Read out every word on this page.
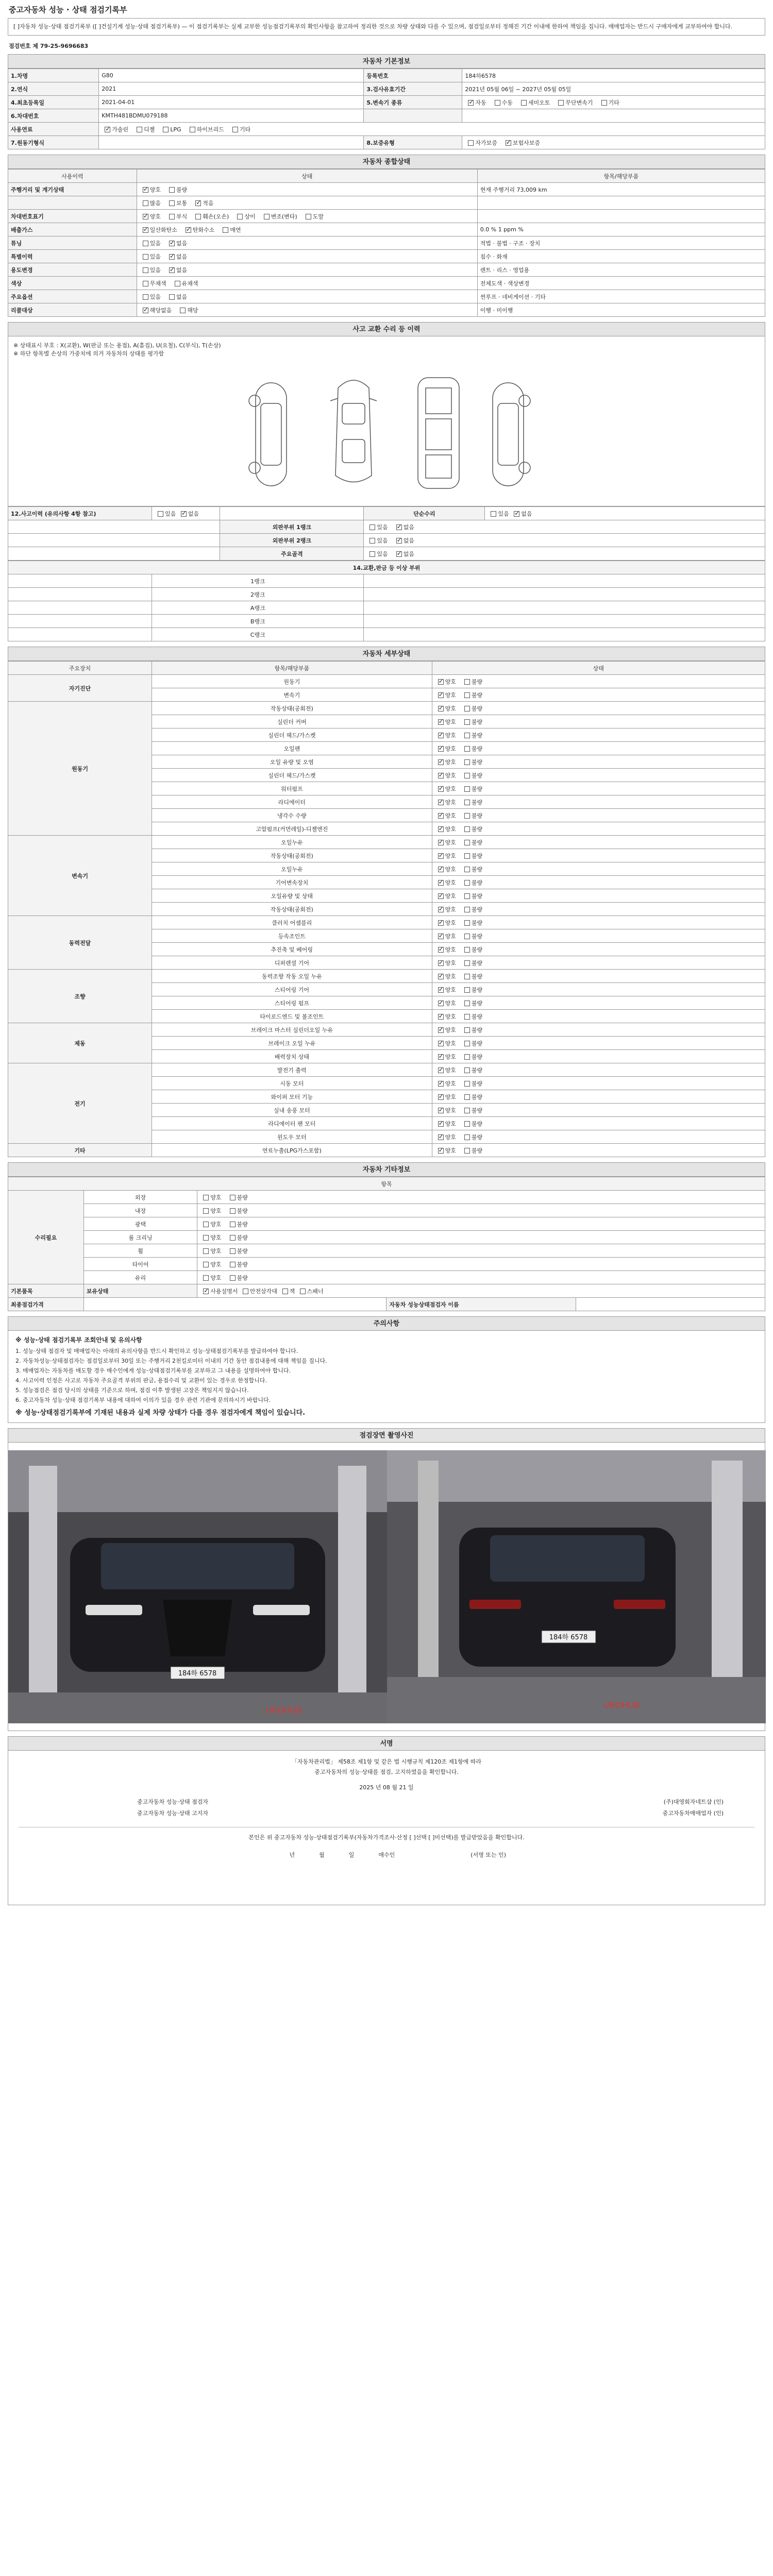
중고자동차 성능 · 상태 점검기록부
[ ]자동차 성능·상태 점검기록부 ([ ]건설기계 성능·상태 점검기록부) — 이 점검기록부는 실제 교부한 성능점검기록부의 확인사항을 참고하여 정리한 것으로 차량 상태와 다를 수 있으며, 점검일로부터 정해진 기간 이내에 한하여 책임을 집니다. 매매업자는 반드시 구매자에게 교부하여야 합니다.
점검번호 제 79-25-9696683
자동차 기본정보
1.차명	G80	등록번호	184하6578
2.연식	2021	3.검사유효기간	2021년 05월 06일 ~ 2027년 05월 05일
4.최초등록일	2021-04-01	5.변속기 종류	✓자동 수동 세미오토 무단변속기 기타
6.차대번호	KMTH481BDMU079188		
사용연료	✓가솔린 디젤 LPG 하이브리드 기타
7.원동기형식		8.보증유형	자가보증 ✓ 보험사보증
자동차 종합상태
사용이력	상태	항목/해당부품
주행거리 및 계기상태	✓양호 불량	현재 주행거리 73,009 km
	많음 보통 ✓ 적음	
차대번호표기	✓양호 부식 훼손(오손) 상이 변조(변타) 도말	
배출가스	✓일산화탄소 ✓ 탄화수소 매연	0.0 % 1 ppm %
튜닝	있음 ✓ 없음	적법 · 불법 · 구조 · 장치
특별이력	있음 ✓ 없음	침수 · 화재
용도변경	있음 ✓ 없음	렌트 · 리스 · 영업용
색상	무채색 유채색	전체도색 · 색상변경
주요옵션	있음 없음	썬루프 · 네비게이션 · 기타
리콜대상	✓해당없음 해당	이행 · 미이행
사고 교환 수리 등 이력
※ 상태표시 부호 : X(교환), W(판금 또는 용접), A(흠집), U(요철), C(부식), T(손상)
※ 하단 항목별 손상의 가중치에 의거 자동차의 상태를 평가함
12.사고이력 (유의사항 4항 참고)	있음 ✓ 없음		단순수리	있음 ✓ 없음
		외판부위 1랭크	있음 ✓ 없음
		외판부위 2랭크	있음 ✓ 없음
		주요골격	있음 ✓ 없음
14.교환,판금 등 이상 부위		
	1랭크	
	2랭크	
	A랭크	
	B랭크	
	C랭크	
자동차 세부상태
주요장치	항목/해당부품	상태
자기진단	원동기	✓양호 불량
	변속기	✓양호 불량
원동기	작동상태(공회전)	✓양호 불량
	실린더 커버	✓양호 불량
	실린더 헤드/가스켓	✓양호 불량
	오일팬	✓양호 불량
	오일 유량 및 오염	✓양호 불량
	실린더 헤드/가스켓	✓양호 불량
	워터펌프	✓양호 불량
	라디에이터	✓양호 불량
	냉각수 수량	✓양호 불량
	고압펌프(커먼레일)-디젤엔진	✓양호 불량
변속기	오일누유	✓양호 불량
	작동상태(공회전)	✓양호 불량
	오일누유	✓양호 불량
	기어변속장치	✓양호 불량
	오일유량 및 상태	✓양호 불량
	작동상태(공회전)	✓양호 불량
동력전달	클러치 어셈블리	✓양호 불량
	등속조인트	✓양호 불량
	추진축 및 베어링	✓양호 불량
	디퍼렌셜 기어	✓양호 불량
조향	동력조향 작동 오일 누유	✓양호 불량
	스티어링 기어	✓양호 불량
	스티어링 펌프	✓양호 불량
	타이로드엔드 및 볼조인트	✓양호 불량
제동	브레이크 마스터 실린더오일 누유	✓양호 불량
	브레이크 오일 누유	✓양호 불량
	배력장치 상태	✓양호 불량
전기	발전기 출력	✓양호 불량
	시동 모터	✓양호 불량
	와이퍼 모터 기능	✓양호 불량
	실내 송풍 모터	✓양호 불량
	라디에이터 팬 모터	✓양호 불량
	윈도우 모터	✓양호 불량
기타	연료누출(LPG가스포함)	✓양호 불량
자동차 기타정보
항목				
수리필요	외장	양호 불량		
	내장	양호 불량		
	광택	양호 불량		
	룸 크리닝	양호 불량		
	휠	양호 불량		
	타이어	양호 불량		
	유리	양호 불량		
기본품목	보유상태	✓사용설명서 안전삼각대 잭 스패너
최종점검가격			자동차 성능상태점검자 이름	
주의사항
※ 성능·상태 점검기록부 조회안내 및 유의사항

1. 성능·상태 점검자 및 매매업자는 아래의 유의사항을 반드시 확인하고 성능·상태점검기록부를 발급하여야 합니다.

2. 자동차성능·상태점검자는 점검일로부터 30일 또는 주행거리 2천킬로미터 이내의 기간 동안 점검내용에 대해 책임을 집니다.

3. 매매업자는 자동차를 매도할 경우 매수인에게 성능·상태점검기록부를 교부하고 그 내용을 설명하여야 합니다.

4. 사고이력 인정은 사고로 자동차 주요골격 부위의 판금, 용접수리 및 교환이 있는 경우로 한정합니다.

5. 성능점검은 점검 당시의 상태를 기준으로 하며, 점검 이후 발생된 고장은 책임지지 않습니다.

6. 중고자동차 성능·상태 점검기록부 내용에 대하여 이의가 있을 경우 관련 기관에 문의하시기 바랍니다.

※ 성능·상태점검기록부에 기재된 내용과 실제 차량 상태가 다를 경우 점검자에게 책임이 있습니다.
점검장면 촬영사진
184하 6578
UROHUB
184하 6578
UROHUB
서명
「자동차관리법」 제58조 제1항 및 같은 법 시행규칙 제120조 제1항에 따라
중고자동차의 성능·상태를 점검, 고지하였음을 확인합니다.
2025 년 08 월 21 일
중고자동차 성능·상태 점검자	(주)대영회자네트샵 (인)
중고자동차 성능·상태 고지자	중고자동차매매업자 (인)
본인은 위 중고자동차 성능·상태점검기록부(자동차가격조사·산정 [ ]선택 [ ]미선택)를 발급받았음을 확인합니다.
년	월	일	매수인	(서명 또는 인)
